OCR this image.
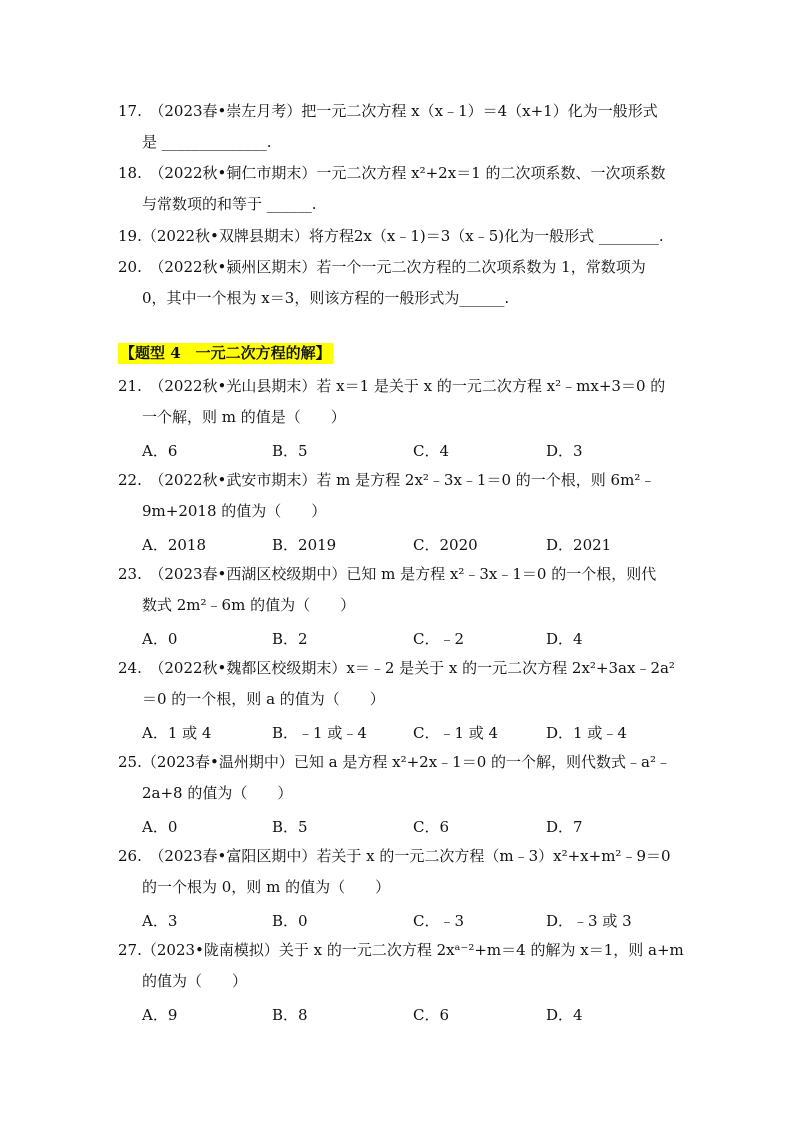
17.　（2023春•崇左月考）把一元二次方程 x（x﹣1）＝4（x+1）化为一般形式
是 ______________.
18.　（2022秋•铜仁市期末）一元二次方程 x²+2x＝1 的二次项系数、一次项系数
与常数项的和等于 ______.
19.（2022秋•双牌县期末）将方程2x（x﹣1)＝3（x﹣5)化为一般形式 ________.
20.　（2022秋•颍州区期末）若一个一元二次方程的二次项系数为 1，常数项为
0，其中一个根为 x＝3，则该方程的一般形式为______.
【题型 4　一元二次方程的解】
21.　（2022秋•光山县期末）若 x＝1 是关于 x 的一元二次方程 x²﹣mx+3＝0 的
一个解，则 m 的值是（　　）
A．6	B．5	C．4	D．3
22.　（2022秋•武安市期末）若 m 是方程 2x²﹣3x﹣1＝0 的一个根，则 6m²﹣
9m+2018 的值为（　　）
A．2018	B．2019	C．2020	D．2021
23.　（2023春•西湖区校级期中）已知 m 是方程 x²﹣3x﹣1＝0 的一个根，则代
数式 2m²﹣6m 的值为（　　）
A．0	B．2	C．﹣2	D．4
24.　（2022秋•魏都区校级期末）x＝﹣2 是关于 x 的一元二次方程 2x²+3ax﹣2a²
＝0 的一个根，则 a 的值为（　　）
A．1 或 4	B．﹣1 或﹣4	C．﹣1 或 4	D．1 或﹣4
25.（2023春•温州期中）已知 a 是方程 x²+2x﹣1＝0 的一个解，则代数式﹣a²﹣
2a+8 的值为（　　）
A．0	B．5	C．6	D．7
26.　（2023春•富阳区期中）若关于 x 的一元二次方程（m﹣3）x²+x+m²﹣9＝0
的一个根为 0，则 m 的值为（　　）
A．3	B．0	C．﹣3	D．﹣3 或 3
27.（2023•陇南模拟）关于 x 的一元二次方程 2xᵃ⁻²+m＝4 的解为 x＝1，则 a+m
的值为（　　）
A．9	B．8	C．6	D．4
